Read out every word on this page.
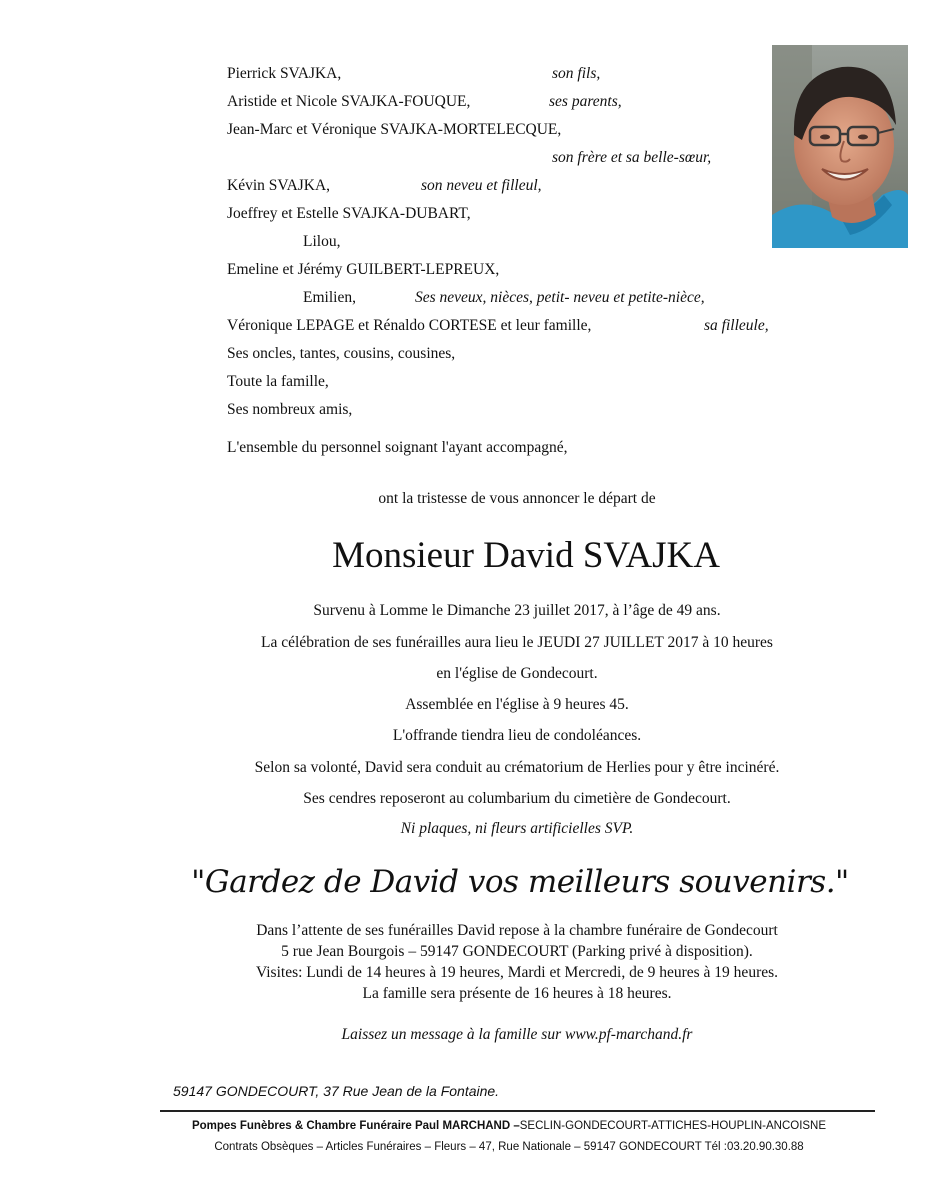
Pierrick SVAJKA,	son fils,
Aristide et Nicole SVAJKA-FOUQUE,	ses parents,
Jean-Marc et Véronique SVAJKA-MORTELECQUE,
son frère et sa belle-sœur,
Kévin SVAJKA,	son neveu et filleul,
Joeffrey et Estelle SVAJKA-DUBART,
Lilou,
Emeline et Jérémy GUILBERT-LEPREUX,
Emilien,	Ses neveux, nièces, petit- neveu et petite-nièce,
Véronique LEPAGE et Rénaldo CORTESE et leur famille,	sa filleule,
Ses oncles, tantes, cousins, cousines,
Toute la famille,
Ses nombreux amis,
L'ensemble du personnel soignant l'ayant accompagné,
ont la tristesse de vous annoncer le départ de
Monsieur David SVAJKA
Survenu à Lomme le Dimanche 23 juillet 2017, à l’âge de 49 ans.
La célébration de ses funérailles aura lieu le JEUDI 27 JUILLET 2017 à 10 heures
en l'église de Gondecourt.
Assemblée en l'église à 9 heures 45.
L'offrande tiendra lieu de condoléances.
Selon sa volonté, David sera conduit au crématorium de Herlies pour y être incinéré.
Ses cendres reposeront au columbarium du cimetière de Gondecourt.
Ni plaques, ni fleurs artificielles SVP.
"Gardez de David vos meilleurs souvenirs."
Dans l’attente de ses funérailles David repose à la chambre funéraire de Gondecourt
5 rue Jean Bourgois – 59147 GONDECOURT (Parking privé à disposition).
Visites: Lundi de 14 heures à 19 heures, Mardi et Mercredi, de 9 heures à 19 heures.
La famille sera présente de 16 heures à 18 heures.
Laissez un message à la famille sur www.pf-marchand.fr
59147 GONDECOURT, 37 Rue Jean de la Fontaine.
Pompes Funèbres & Chambre Funéraire Paul MARCHAND –SECLIN-GONDECOURT-ATTICHES-HOUPLIN-ANCOISNE
Contrats Obsèques – Articles Funéraires – Fleurs – 47, Rue Nationale – 59147 GONDECOURT Tél :03.20.90.30.88
